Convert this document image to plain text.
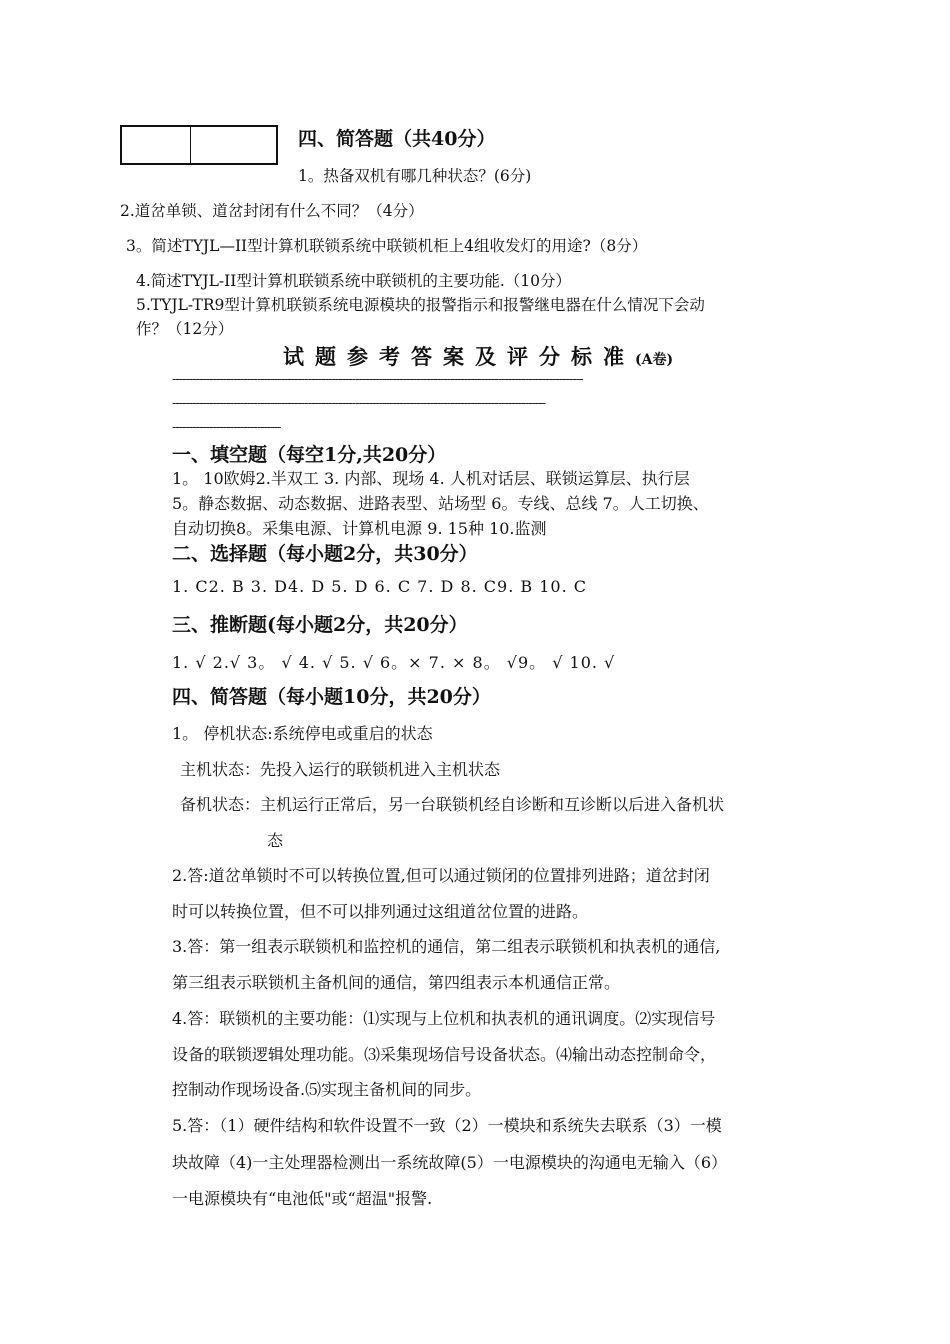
四、简答题（共40分）
1。热备双机有哪几种状态？(6分)
2.道岔单锁、道岔封闭有什么不同？（4分）
3。简述TYJL—II型计算机联锁系统中联锁机柜上4组收发灯的用途?（8分）
4.简述TYJL-II型计算机联锁系统中联锁机的主要功能.（10分）
5.TYJL-TR9型计算机联锁系统电源模块的报警指示和报警继电器在什么情况下会动
作？（12分）
试题参考答案及评分标准(A卷)
-------------------------------------------------------------------------------------------------------------------------
--------------------------------------------------------------------------------------------------------------
--------------------------------
一、填空题（每空1分,共20分）
1。 10欧姆2.半双工 3. 内部、现场 4. 人机对话层、联锁运算层、执行层
5。静态数据、动态数据、进路表型、站场型 6。专线、总线 7。人工切换、
自动切换8。采集电源、计算机电源 9. 15种 10.监测
二、选择题（每小题2分，共30分）
1. C2. B 3. D4. D 5. D 6. C 7. D 8. C9. B 10. C
三、推断题(每小题2分，共20分）
1. √ 2.√ 3。 √ 4. √ 5. √ 6。× 7. × 8。 √9。 √ 10. √
四、简答题（每小题10分，共20分）
1。 停机状态:系统停电或重启的状态
主机状态：先投入运行的联锁机进入主机状态
备机状态：主机运行正常后，另一台联锁机经自诊断和互诊断以后进入备机状
态
2.答:道岔单锁时不可以转换位置,但可以通过锁闭的位置排列进路；道岔封闭
时可以转换位置，但不可以排列通过这组道岔位置的进路。
3.答：第一组表示联锁机和监控机的通信，第二组表示联锁机和执表机的通信,
第三组表示联锁机主备机间的通信，第四组表示本机通信正常。
4.答：联锁机的主要功能：⑴实现与上位机和执表机的通讯调度。⑵实现信号
设备的联锁逻辑处理功能。⑶采集现场信号设备状态。⑷输出动态控制命令，
控制动作现场设备.⑸实现主备机间的同步。
5.答：（1）硬件结构和软件设置不一致（2）一模块和系统失去联系（3）一模
块故障（4)一主处理器检测出一系统故障(5）一电源模块的沟通电无输入（6）
一电源模块有“电池低"或“超温"报警.
